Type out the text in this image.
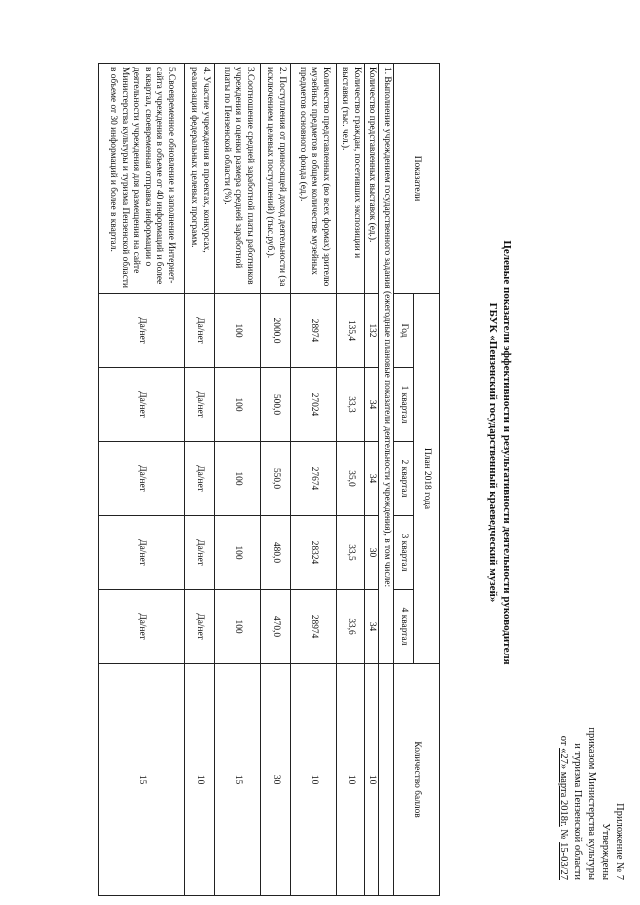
Приложение № 7
Утверждены
приказом Министерства культуры
и туризма Пензенской области
от «27» марта 2018г. № 15-03/27
Целевые показатели эффективности и результативности деятельности руководителя
ГБУК «Пензенский государственный краеведческий музей»
Показатели	План 2018 года					Количество баллов
	Год	1 квартал	2 квартал	3 квартал	4 квартал	
1. Выполнение учреждением государственного задания (ежегодные плановые показатели деятельности учреждения), в том числе:						
Количество представленных выставок (ед.).	132	34	34	30	34	10
Количество граждан, посетивших экспозиции и выставки (тыс. чел.).	135,4	33,3	35,0	33,5	33,6	10
Количество представленных (во всех формах) зрителю музейных предметов в общем количестве музейных предметов основного фонда (ед.).	28974	27024	27674	28324	28974	10
2. Поступления от приносящей доход деятельности (за исключением целевых поступлений) (тыс.руб.).	2000,0	500,0	550,0	480,0	470,0	30
3.Соотношение средней заработной платы работников учреждения и оценки размера средней заработной платы по Пензенской области (%).	100	100	100	100	100	15
4. Участие учреждения в проектах, конкурсах, реализации федеральных целевых программ.	Да/нет	Да/нет	Да/нет	Да/нет	Да/нет	10
5.Своевременное обновление и заполнение Интернет-сайта учреждения в объеме от 40 информаций и более в квартал, своевременная отправка информации о деятельности учреждения для размещения на сайте Министерства культуры и туризма Пензенской области в объеме от 30 информаций и более в квартал.	Да/нет	Да/нет	Да/нет	Да/нет	Да/нет	15
